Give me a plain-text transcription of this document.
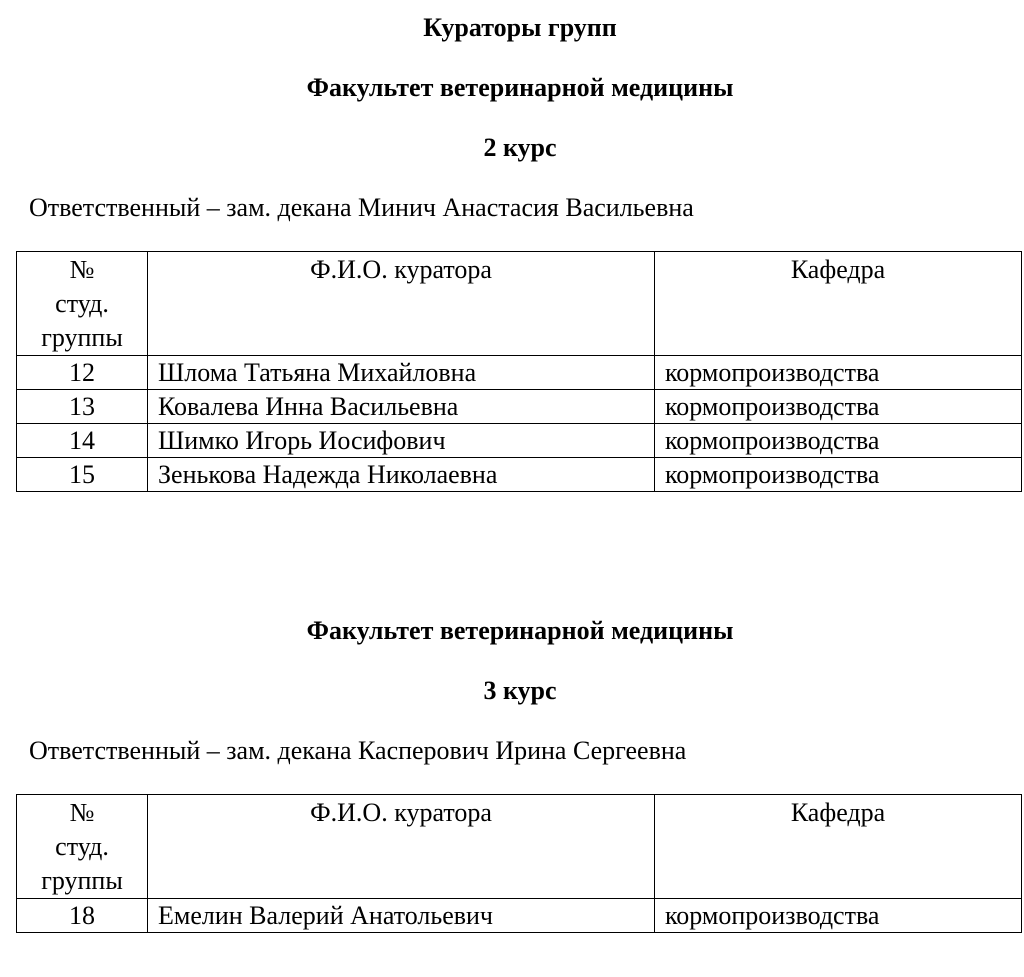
Кураторы групп
Факультет ветеринарной медицины
2 курс
Ответственный – зам. декана Минич Анастасия Васильевна
№
студ.
группы	Ф.И.О. куратора	Кафедра
12	Шлома Татьяна Михайловна	кормопроизводства
13	Ковалева Инна Васильевна	кормопроизводства
14	Шимко Игорь Иосифович	кормопроизводства
15	Зенькова Надежда Николаевна	кормопроизводства
Факультет ветеринарной медицины
3 курс
Ответственный – зам. декана Касперович Ирина Сергеевна
№
студ.
группы	Ф.И.О. куратора	Кафедра
18	Емелин Валерий Анатольевич	кормопроизводства
